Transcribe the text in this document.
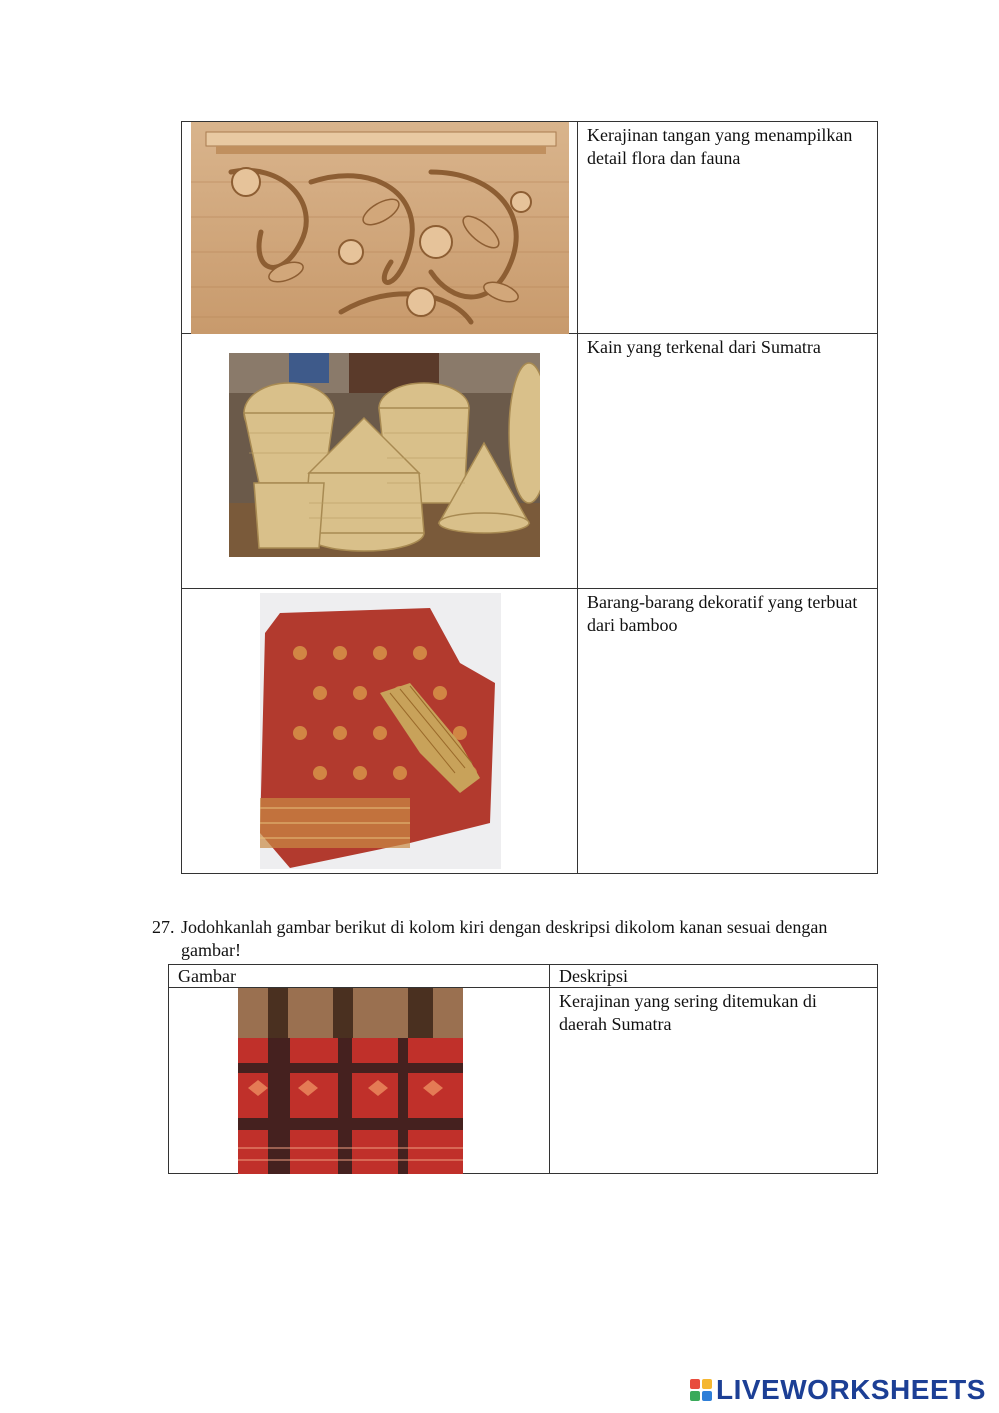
Kerajinan tangan yang menampilkan detail flora dan fauna

Kain yang terkenal dari Sumatra

Barang-barang dekoratif yang terbuat dari bamboo
27. Jodohkanlah gambar berikut di kolom kiri dengan deskripsi dikolom kanan sesuai dengan gambar!
Gambar	Deskripsi

Kerajinan yang sering ditemukan di daerah Sumatra
LIVEWORKSHEETS
